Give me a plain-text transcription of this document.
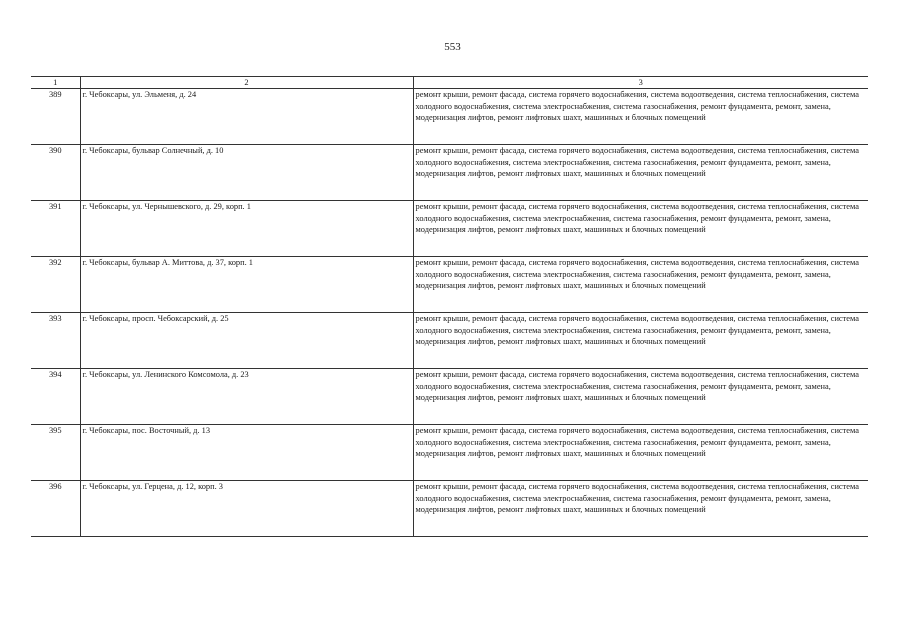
553
1	2	3
389	г. Чебоксары, ул. Эльменя, д. 24	ремонт крыши, ремонт фасада, система горячего водоснабжения, система водоотведения, система теплоснабжения, система холодного водоснабжения, система электроснабжения, система газоснабжения, ремонт фундамента, ремонт, замена, модернизация лифтов, ремонт лифтовых шахт, машинных и блочных помещений
390	г. Чебоксары, бульвар Солнечный, д. 10	ремонт крыши, ремонт фасада, система горячего водоснабжения, система водоотведения, система теплоснабжения, система холодного водоснабжения, система электроснабжения, система газоснабжения, ремонт фундамента, ремонт, замена, модернизация лифтов, ремонт лифтовых шахт, машинных и блочных помещений
391	г. Чебоксары, ул. Чернышевского, д. 29, корп. 1	ремонт крыши, ремонт фасада, система горячего водоснабжения, система водоотведения, система теплоснабжения, система холодного водоснабжения, система электроснабжения, система газоснабжения, ремонт фундамента, ремонт, замена, модернизация лифтов, ремонт лифтовых шахт, машинных и блочных помещений
392	г. Чебоксары, бульвар А. Миттова, д. 37, корп. 1	ремонт крыши, ремонт фасада, система горячего водоснабжения, система водоотведения, система теплоснабжения, система холодного водоснабжения, система электроснабжения, система газоснабжения, ремонт фундамента, ремонт, замена, модернизация лифтов, ремонт лифтовых шахт, машинных и блочных помещений
393	г. Чебоксары, просп. Чебоксарский, д. 25	ремонт крыши, ремонт фасада, система горячего водоснабжения, система водоотведения, система теплоснабжения, система холодного водоснабжения, система электроснабжения, система газоснабжения, ремонт фундамента, ремонт, замена, модернизация лифтов, ремонт лифтовых шахт, машинных и блочных помещений
394	г. Чебоксары, ул. Ленинского Комсомола, д. 23	ремонт крыши, ремонт фасада, система горячего водоснабжения, система водоотведения, система теплоснабжения, система холодного водоснабжения, система электроснабжения, система газоснабжения, ремонт фундамента, ремонт, замена, модернизация лифтов, ремонт лифтовых шахт, машинных и блочных помещений
395	г. Чебоксары, пос. Восточный, д. 13	ремонт крыши, ремонт фасада, система горячего водоснабжения, система водоотведения, система теплоснабжения, система холодного водоснабжения, система электроснабжения, система газоснабжения, ремонт фундамента, ремонт, замена, модернизация лифтов, ремонт лифтовых шахт, машинных и блочных помещений
396	г. Чебоксары, ул. Герцена, д. 12, корп. 3	ремонт крыши, ремонт фасада, система горячего водоснабжения, система водоотведения, система теплоснабжения, система холодного водоснабжения, система электроснабжения, система газоснабжения, ремонт фундамента, ремонт, замена, модернизация лифтов, ремонт лифтовых шахт, машинных и блочных помещений
